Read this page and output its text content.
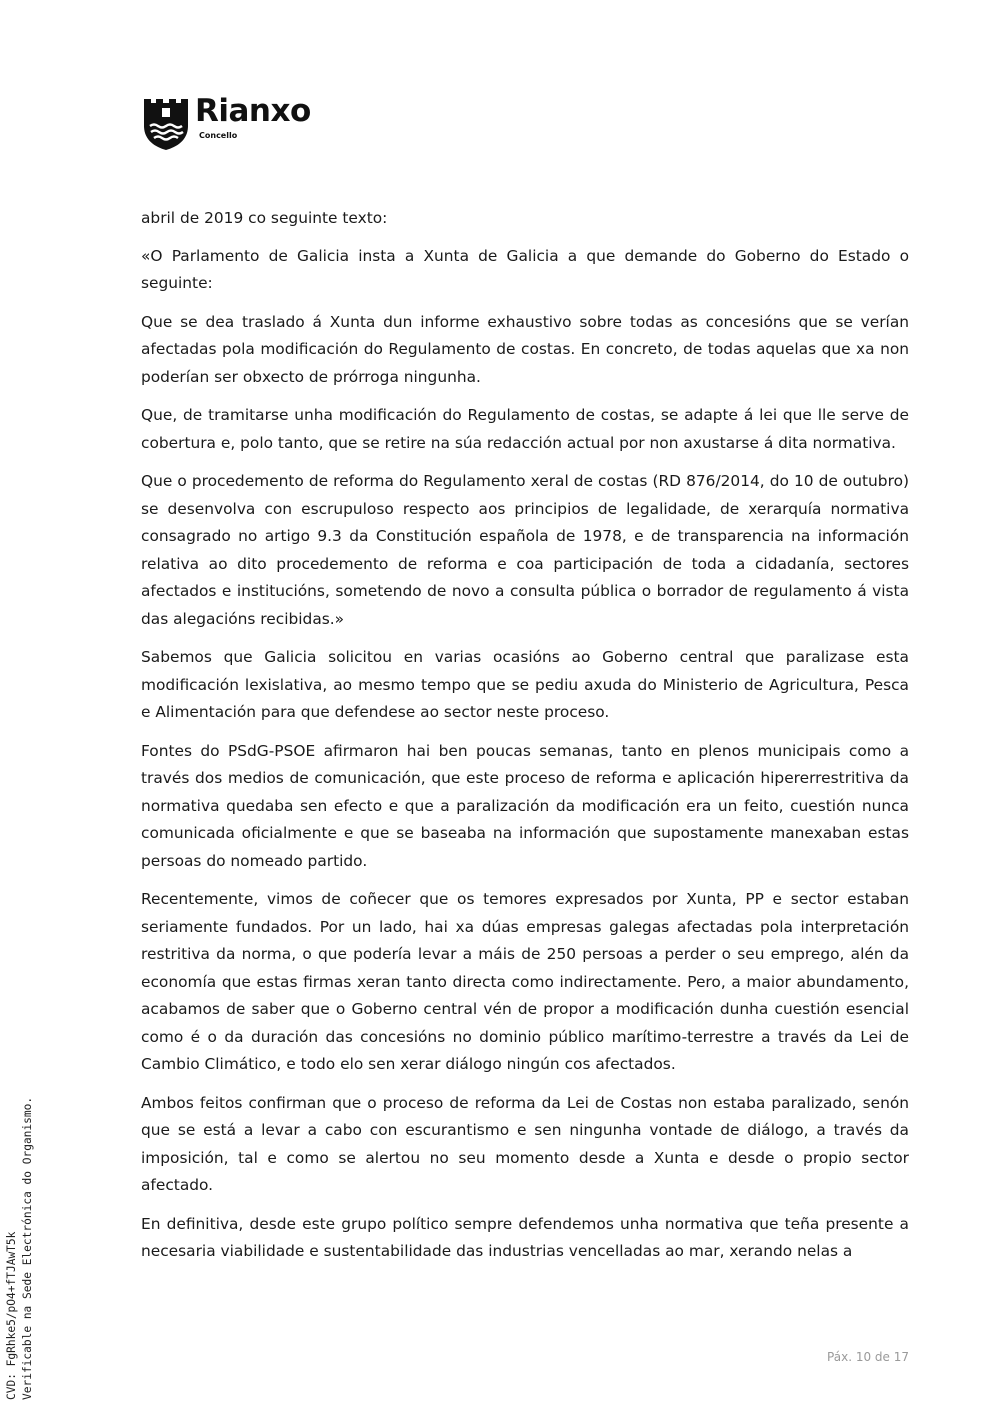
Rianxo
Concello

abril de 2019 co seguinte texto:

«O Parlamento de Galicia insta a Xunta de Galicia a que demande do Goberno do Estado o seguinte:

Que se dea traslado á Xunta dun informe exhaustivo sobre todas as concesións que se verían afectadas pola modificación do Regulamento de costas. En concreto, de todas aquelas que xa non poderían ser obxecto de prórroga ningunha.

Que, de tramitarse unha modificación do Regulamento de costas, se adapte á lei que lle serve de cobertura e, polo tanto, que se retire na súa redacción actual por non axustarse á dita normativa.

Que o procedemento de reforma do Regulamento xeral de costas (RD 876/2014, do 10 de outubro) se desenvolva con escrupuloso respecto aos principios de legalidade, de xerarquía normativa consagrado no artigo 9.3 da Constitución española de 1978, e de transparencia na información relativa ao dito procedemento de reforma e coa participación de toda a cidadanía, sectores afectados e institucións, sometendo de novo a consulta pública o borrador de regulamento á vista das alegacións recibidas.»

Sabemos que Galicia solicitou en varias ocasións ao Goberno central que paralizase esta modificación lexislativa, ao mesmo tempo que se pediu axuda do Ministerio de Agricultura, Pesca e Alimentación para que defendese ao sector neste proceso.

Fontes do PSdG-PSOE afirmaron hai ben poucas semanas, tanto en plenos municipais como a través dos medios de comunicación, que este proceso de reforma e aplicación hipererrestritiva da normativa quedaba sen efecto e que a paralización da modificación era un feito, cuestión nunca comunicada oficialmente e que se baseaba na información que supostamente manexaban estas persoas do nomeado partido.

Recentemente, vimos de coñecer que os temores expresados por Xunta, PP e sector estaban seriamente fundados. Por un lado, hai xa dúas empresas galegas afectadas pola interpretación restritiva da norma, o que podería levar a máis de 250 persoas a perder o seu emprego, alén da economía que estas firmas xeran tanto directa como indirectamente. Pero, a maior abundamento, acabamos de saber que o Goberno central vén de propor a modificación dunha cuestión esencial como é o da duración das concesións no dominio público marítimo-terrestre a través da Lei de Cambio Climático, e todo elo sen xerar diálogo ningún cos afectados.

Ambos feitos confirman que o proceso de reforma da Lei de Costas non estaba paralizado, senón que se está a levar a cabo con escurantismo e sen ningunha vontade de diálogo, a través da imposición, tal e como se alertou no seu momento desde a Xunta e desde o propio sector afectado.

En definitiva, desde este grupo político sempre defendemos unha normativa que teña presente a necesaria viabilidade e sustentabilidade das industrias vencelladas ao mar, xerando nelas a

CVD: FgRhke5/pO4+fTJAwT5k Verificable na Sede Electrónica do Organismo.	Páx. 10 de 17
